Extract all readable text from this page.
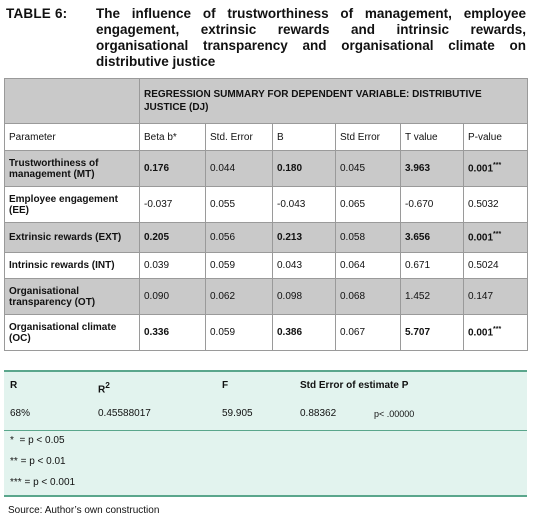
TABLE 6: The influence of trustworthiness of management, employee engagement, extrinsic rewards and intrinsic rewards, organisational transparency and organisational climate on distributive justice
	REGRESSION SUMMARY FOR DEPENDENT VARIABLE: DISTRIBUTIVE JUSTICE (DJ)					
Parameter	Beta b*	Std. Error	B	Std Error	T value	P-value
Trustworthiness of management (MT)	0.176	0.044	0.180	0.045	3.963	0.001***
Employee engagement (EE)	-0.037	0.055	-0.043	0.065	-0.670	0.5032
Extrinsic rewards (EXT)	0.205	0.056	0.213	0.058	3.656	0.001***
Intrinsic rewards (INT)	0.039	0.059	0.043	0.064	0.671	0.5024
Organisational transparency (OT)	0.090	0.062	0.098	0.068	1.452	0.147
Organisational climate (OC)	0.336	0.059	0.386	0.067	5.707	0.001***
R	$R^2$	F	Std Error of estimate P
68%	0.45588017	59.905	0.88362	p< .00000
* = p < 0.05
** = p < 0.01
*** = p < 0.001
Source: Author’s own construction
